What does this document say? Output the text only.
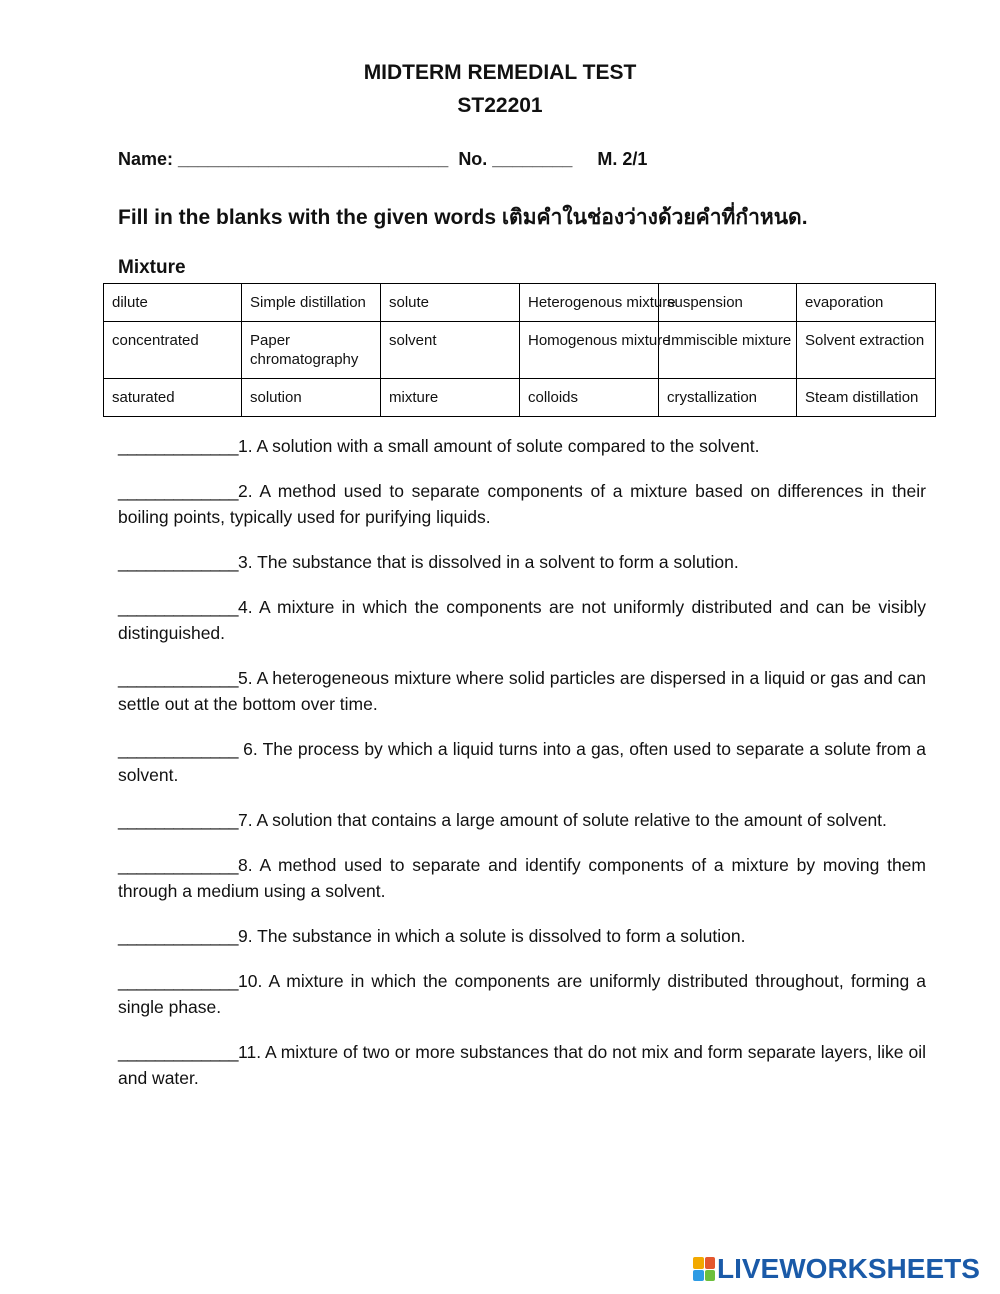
MIDTERM REMEDIAL TEST
ST22201
Name: ___________________________  No. ________     M. 2/1
Fill in the blanks with the given words เติมคำในช่องว่างด้วยคำที่กำหนด.
Mixture
dilute	Simple distillation	solute	Heterogenous mixture	suspension	evaporation
concentrated	Paper chromatography	solvent	Homogenous mixture	Immiscible mixture	Solvent extraction
saturated	solution	mixture	colloids	crystallization	Steam distillation

_____________1. A solution with a small amount of solute compared to the solvent.

_____________2. A method used to separate components of a mixture based on differences in their boiling points, typically used for purifying liquids.

_____________3. The substance that is dissolved in a solvent to form a solution.

_____________4. A mixture in which the components are not uniformly distributed and can be visibly distinguished.

_____________5. A heterogeneous mixture where solid particles are dispersed in a liquid or gas and can settle out at the bottom over time.

_____________ 6. The process by which a liquid turns into a gas, often used to separate a solute from a solvent.

_____________7. A solution that contains a large amount of solute relative to the amount of solvent.

_____________8. A method used to separate and identify components of a mixture by moving them through a medium using a solvent.

_____________9. The substance in which a solute is dissolved to form a solution.

_____________10. A mixture in which the components are uniformly distributed throughout, forming a single phase.

_____________11. A mixture of two or more substances that do not mix and form separate layers, like oil and water.

LIVEWORKSHEETS
